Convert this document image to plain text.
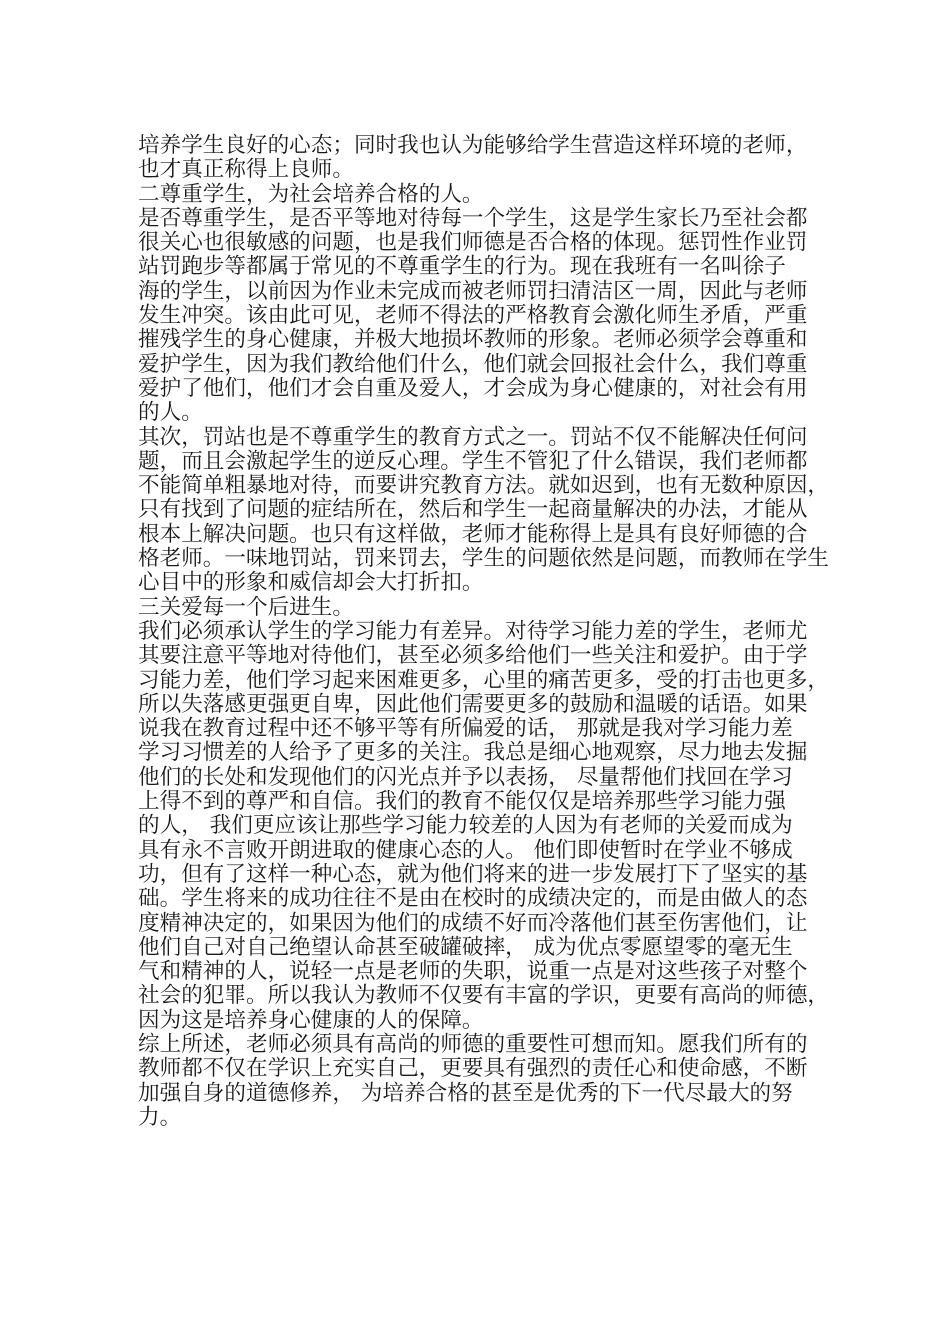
培养学生良好的心态；同时我也认为能够给学生营造这样环境的老师，
也才真正称得上良师。
二尊重学生，为社会培养合格的人。
是否尊重学生，是否平等地对待每一个学生，这是学生家长乃至社会都
很关心也很敏感的问题，也是我们师德是否合格的体现。惩罚性作业罚
站罚跑步等都属于常见的不尊重学生的行为。现在我班有一名叫徐子
海的学生，以前因为作业未完成而被老师罚扫清洁区一周，因此与老师
发生冲突。该由此可见，老师不得法的严格教育会激化师生矛盾，严重
摧残学生的身心健康，并极大地损坏教师的形象。老师必须学会尊重和
爱护学生，因为我们教给他们什么，他们就会回报社会什么，我们尊重
爱护了他们，他们才会自重及爱人，才会成为身心健康的，对社会有用
的人。
其次，罚站也是不尊重学生的教育方式之一。罚站不仅不能解决任何问
题，而且会激起学生的逆反心理。学生不管犯了什么错误，我们老师都
不能简单粗暴地对待，而要讲究教育方法。就如迟到，也有无数种原因，
只有找到了问题的症结所在，然后和学生一起商量解决的办法，才能从
根本上解决问题。也只有这样做，老师才能称得上是具有良好师德的合
格老师。一味地罚站，罚来罚去，学生的问题依然是问题，而教师在学生
心目中的形象和威信却会大打折扣。
三关爱每一个后进生。
我们必须承认学生的学习能力有差异。对待学习能力差的学生，老师尤
其要注意平等地对待他们，甚至必须多给他们一些关注和爱护。由于学
习能力差，他们学习起来困难更多，心里的痛苦更多，受的打击也更多，
所以失落感更强更自卑，因此他们需要更多的鼓励和温暖的话语。如果
说我在教育过程中还不够平等有所偏爱的话， 那就是我对学习能力差
学习习惯差的人给予了更多的关注。我总是细心地观察，尽力地去发掘
他们的长处和发现他们的闪光点并予以表扬， 尽量帮他们找回在学习
上得不到的尊严和自信。我们的教育不能仅仅是培养那些学习能力强
的人， 我们更应该让那些学习能力较差的人因为有老师的关爱而成为
具有永不言败开朗进取的健康心态的人。 他们即使暂时在学业不够成
功，但有了这样一种心态，就为他们将来的进一步发展打下了坚实的基
础。学生将来的成功往往不是由在校时的成绩决定的，而是由做人的态
度精神决定的，如果因为他们的成绩不好而冷落他们甚至伤害他们，让
他们自己对自己绝望认命甚至破罐破摔， 成为优点零愿望零的毫无生
气和精神的人，说轻一点是老师的失职，说重一点是对这些孩子对整个
社会的犯罪。所以我认为教师不仅要有丰富的学识，更要有高尚的师德，
因为这是培养身心健康的人的保障。
综上所述，老师必须具有高尚的师德的重要性可想而知。愿我们所有的
教师都不仅在学识上充实自己，更要具有强烈的责任心和使命感，不断
加强自身的道德修养， 为培养合格的甚至是优秀的下一代尽最大的努
力。
